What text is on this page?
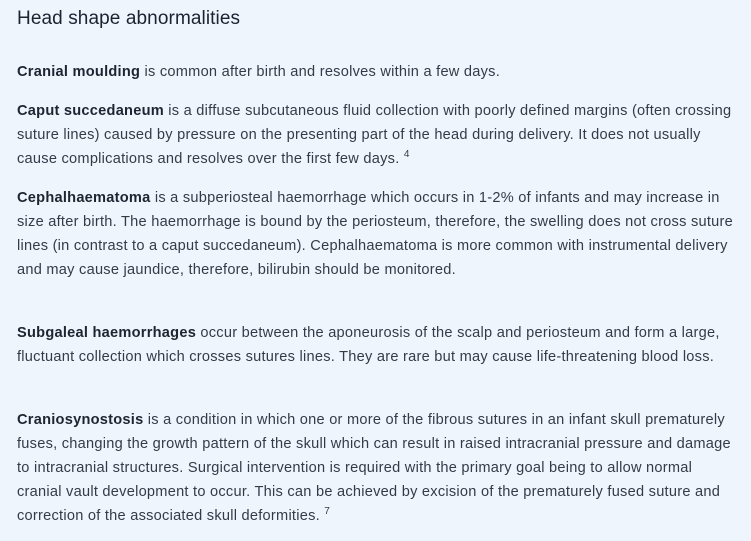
Head shape abnormalities

Cranial moulding is common after birth and resolves within a few days.

Caput succedaneum is a diffuse subcutaneous fluid collection with poorly defined margins (often crossing suture lines) caused by pressure on the presenting part of the head during delivery. It does not usually cause complications and resolves over the first few days. $^4$

Cephalhaematoma is a subperiosteal haemorrhage which occurs in 1-2% of infants and may increase in size after birth. The haemorrhage is bound by the periosteum, therefore, the swelling does not cross suture lines (in contrast to a caput succedaneum). Cephalhaematoma is more common with instrumental delivery and may cause jaundice, therefore, bilirubin should be monitored.

Subgaleal haemorrhages occur between the aponeurosis of the scalp and periosteum and form a large, fluctuant collection which crosses sutures lines. They are rare but may cause life-threatening blood loss.

Craniosynostosis is a condition in which one or more of the fibrous sutures in an infant skull prematurely fuses, changing the growth pattern of the skull which can result in raised intracranial pressure and damage to intracranial structures. Surgical intervention is required with the primary goal being to allow normal cranial vault development to occur. This can be achieved by excision of the prematurely fused suture and correction of the associated skull deformities. $^7$
